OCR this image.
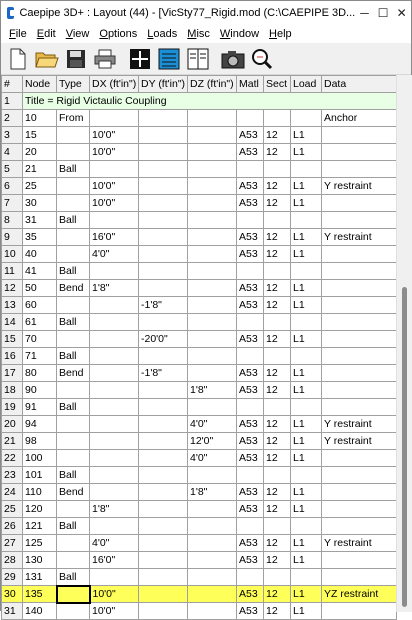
Caepipe 3D+ : Layout (44) - [VicSty77_Rigid.mod (C:\CAEPIPE 3D... ─ ☐ ✕
File Edit View Options Loads Misc Window Help
#	Node	Type	DX (ft'in")	DY (ft'in")	DZ (ft'in")	Matl	Sect	Load	Data
1	Title = Rigid Victaulic Coupling								
2	10	From							Anchor
3	15		10'0"			A53	12	L1	
4	20		10'0"			A53	12	L1	
5	21	Ball							
6	25		10'0"			A53	12	L1	Y restraint
7	30		10'0"			A53	12	L1	
8	31	Ball							
9	35		16'0"			A53	12	L1	Y restraint
10	40		4'0"			A53	12	L1	
11	41	Ball							
12	50	Bend	1'8"			A53	12	L1	
13	60			-1'8"		A53	12	L1	
14	61	Ball							
15	70			-20'0"		A53	12	L1	
16	71	Ball							
17	80	Bend		-1'8"		A53	12	L1	
18	90				1'8"	A53	12	L1	
19	91	Ball							
20	94				4'0"	A53	12	L1	Y restraint
21	98				12'0"	A53	12	L1	Y restraint
22	100				4'0"	A53	12	L1	
23	101	Ball							
24	110	Bend			1'8"	A53	12	L1	
25	120		1'8"			A53	12	L1	
26	121	Ball							
27	125		4'0"			A53	12	L1	Y restraint
28	130		16'0"			A53	12	L1	
29	131	Ball							
30	135		10'0"			A53	12	L1	YZ restraint
31	140		10'0"			A53	12	L1	
